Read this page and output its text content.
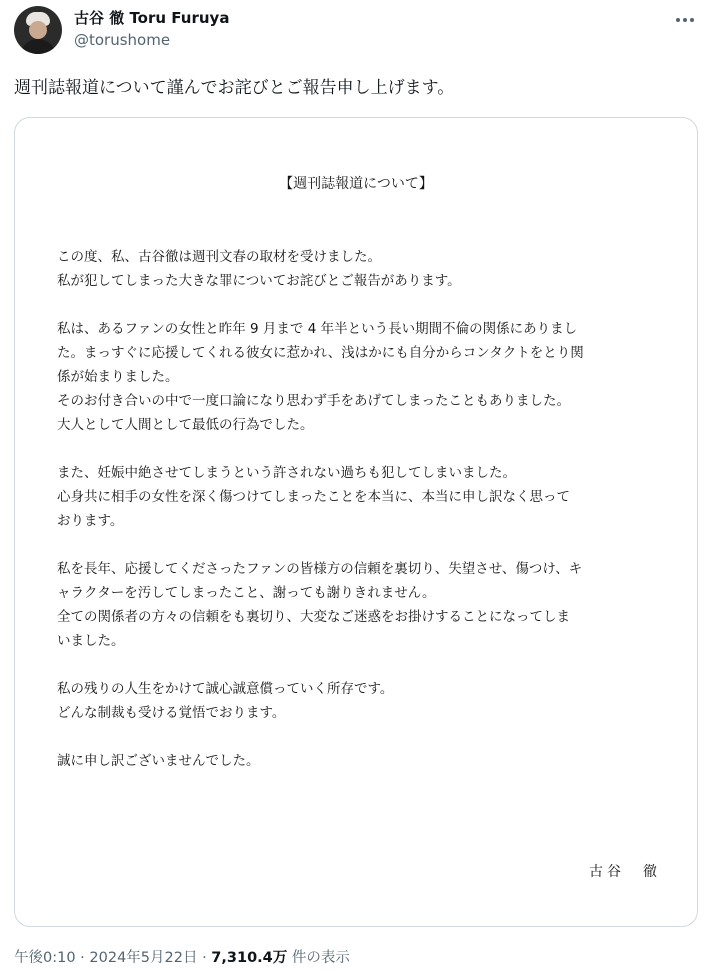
古谷 徹 Toru Furuya
@torushome
週刊誌報道について謹んでお詫びとご報告申し上げます。
【週刊誌報道について】
この度、私、古谷徹は週刊文春の取材を受けました。
私が犯してしまった大きな罪についてお詫びとご報告があります。
私は、あるファンの女性と昨年 9 月まで 4 年半という長い期間不倫の関係にありまし
た。まっすぐに応援してくれる彼女に惹かれ、浅はかにも自分からコンタクトをとり関
係が始まりました。
そのお付き合いの中で一度口論になり思わず手をあげてしまったこともありました。
大人として人間として最低の行為でした。
また、妊娠中絶させてしまうという許されない過ちも犯してしまいました。
心身共に相手の女性を深く傷つけてしまったことを本当に、本当に申し訳なく思って
おります。
私を長年、応援してくださったファンの皆様方の信頼を裏切り、失望させ、傷つけ、キ
ャラクターを汚してしまったこと、謝っても謝りきれません。
全ての関係者の方々の信頼をも裏切り、大変なご迷惑をお掛けすることになってしま
いました。
私の残りの人生をかけて誠心誠意償っていく所存です。
どんな制裁も受ける覚悟でおります。
誠に申し訳ございませんでした。
古谷　徹
午後0:10 · 2024年5月22日 · 7,310.4万 件の表示
